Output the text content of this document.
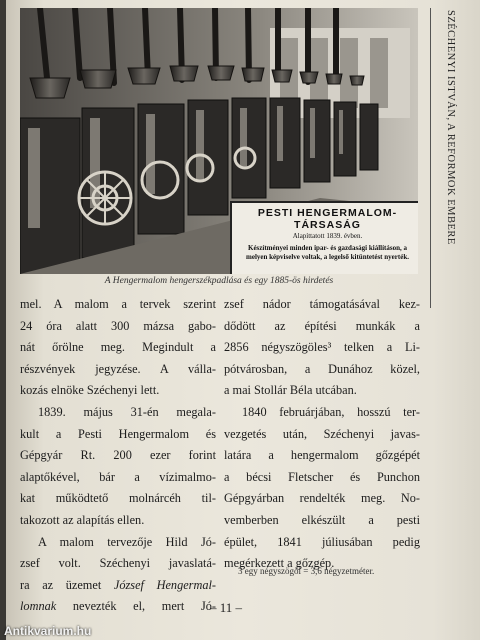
PESTI HENGERMALOM-TÁRSASÁG
Alapíttatott 1839. évben.
Készítményei minden ipar- és gazdasági kiállításon, a melyen képviselve voltak, a legelső kitüntetést nyerték.
A Hengermalom hengerszékpadlása és egy 1885-ös hirdetés
SZÉCHENYI ISTVÁN, A REFORMOK EMBERE
mel. A malom a tervek szerint
24 óra alatt 300 mázsa gabo-
nát őrölne meg. Megindult a
részvények jegyzése. A válla-
kozás elnöke Széchenyi lett.
1839. május 31-én megala-
kult a Pesti Hengermalom és
Gépgyár Rt. 200 ezer forint
alaptőkével, bár a vízimalmo-
kat működtető molnárcéh til-
takozott az alapítás ellen.
A malom tervezője Hild Jó-
zsef volt. Széchenyi javaslatá-
ra az üzemet József Hengermal-
lomnak nevezték el, mert Jó-
zsef nádor támogatásával kez-
dődött az építési munkák a
2856 négyszögöles³ telken a Li-
pótvárosban, a Dunához közel,
a mai Stollár Béla utcában.
1840 februárjában, hosszú ter-
vezgetés után, Széchenyi javas-
latára a hengermalom gőzgépét
a bécsi Fletscher és Punchon
Gépgyárban rendelték meg. No-
vemberben elkészült a pesti
épület, 1841 júliusában pedig
megérkezett a gőzgép.
3 egy négyszögöl = 3,6 négyzetméter.
– 11 –
Antikvarium.hu
